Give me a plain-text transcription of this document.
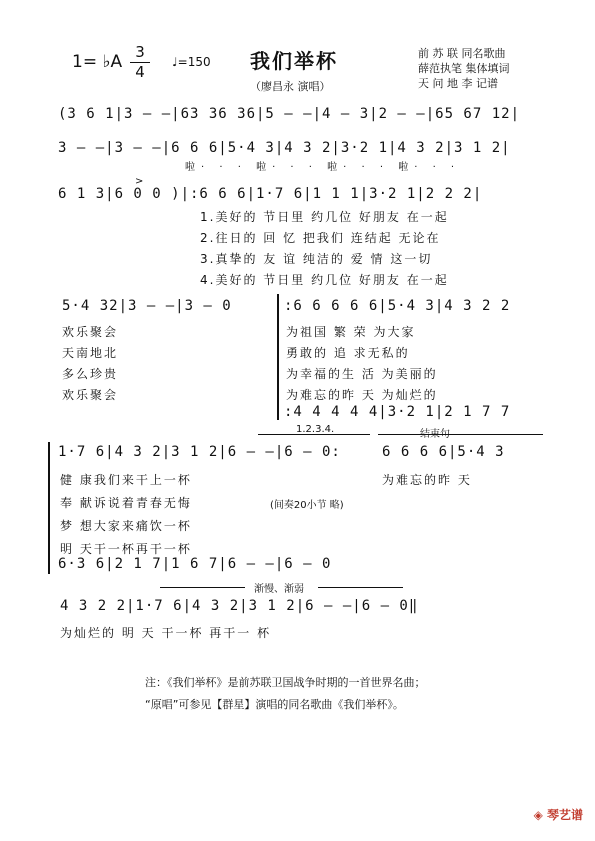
1= ♭A 3
4
♩=150 我们举杯
（廖昌永 演唱）
前 苏 联 同名歌曲
薛范执笔 集体填词
天 问 地 李 记谱
(3 6 1|3 — —|63 36 36|5 — —|4 — 3|2 — —|65 67 12|
3 — —|3 — —|6 6 6|5·4 3|4 3 2|3·2 1|4 3 2|3 1 2|
啦· · · 啦· · · 啦· · · 啦· · ·
>
6 1 3|6 0 0 )|:6 6 6|1·7 6|1 1 1|3·2 1|2 2 2|
1.美好的 节日里 约几位 好朋友 在一起
2.往日的 回 忆 把我们 连结起 无论在
3.真挚的 友 谊 纯洁的 爱 情 这一切
4.美好的 节日里 约几位 好朋友 在一起
5·4 32|3 — —|3 — 0	:6 6 6 6 6|5·4 3|4 3 2 2
欢乐聚会
天南地北
多么珍贵
欢乐聚会
为祖国 繁 荣 为大家
勇敢的 追 求无私的
为幸福的生 活 为美丽的
为难忘的昨 天 为灿烂的
:4 4 4 4 4|3·2 1|2 1 7 7
1.2.3.4.	结束句
1·7 6|4 3 2|3 1 2|6 — —|6 — 0:	6 6 6 6|5·4 3
健 康我们来干上一杯	为难忘的昨 天
奉 献诉说着青春无悔	(间奏20小节 略)
梦 想大家来痛饮一杯
明 天干一杯再干一杯
6·3 6|2 1 7|1 6 7|6 — —|6 — 0
渐慢、渐弱
4 3 2 2|1·7 6|4 3 2|3 1 2|6 — —|6 — 0‖
为灿烂的 明 天 干一杯 再干一 杯
注：《我们举杯》是前苏联卫国战争时期的一首世界名曲；
“原唱”可参见【群星】演唱的同名歌曲《我们举杯》。
◈ 琴艺谱
